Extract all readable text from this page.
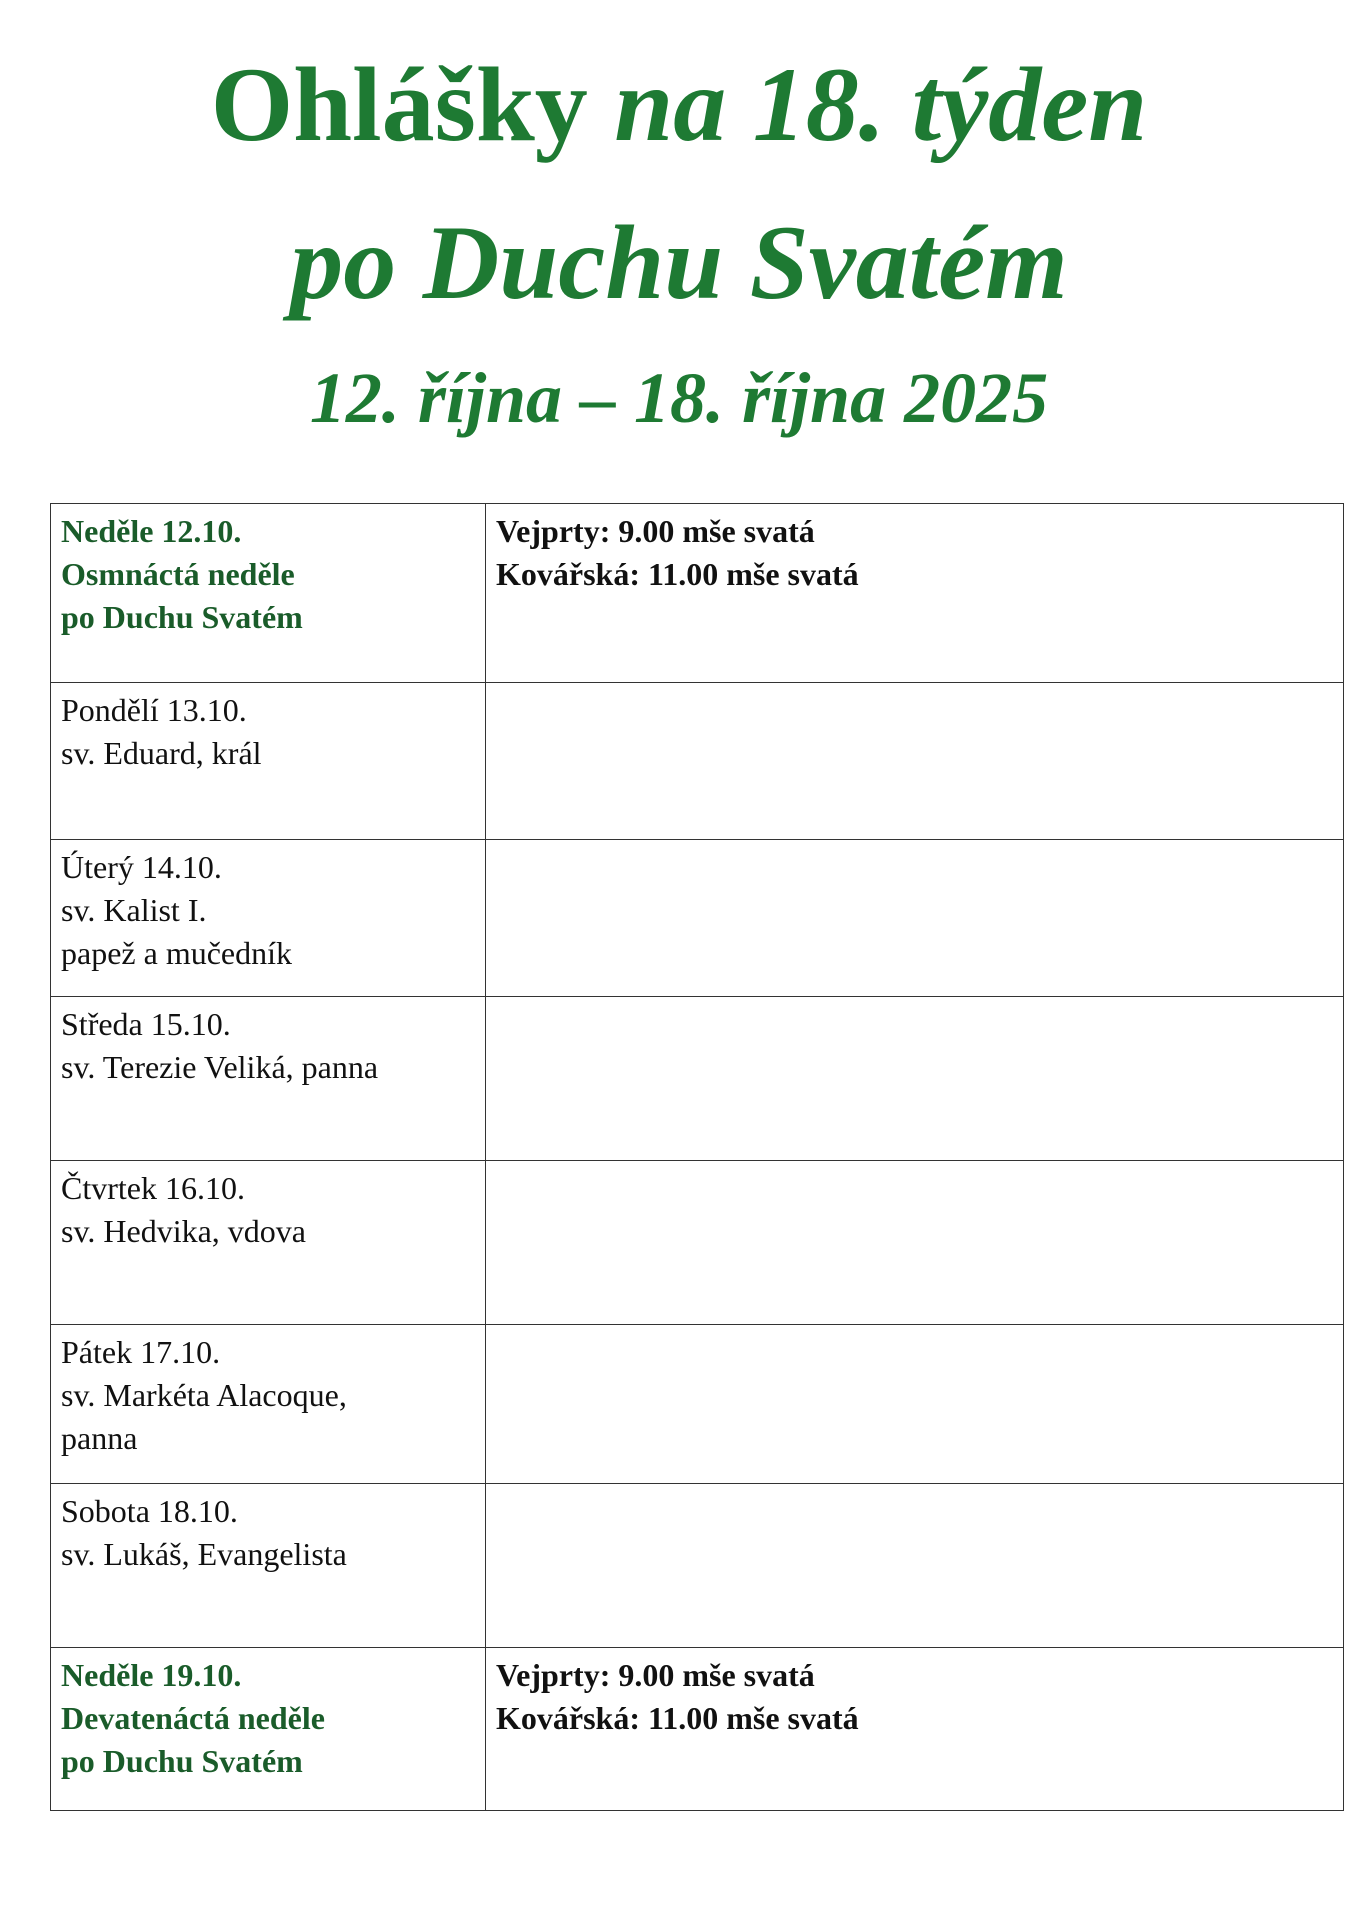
Ohlášky na 18. týden
po Duchu Svatém
12. října – 18. října 2025
Neděle 12.10.
Osmnáctá neděle
po Duchu Svatém	Vejprty: 9.00 mše svatá
Kovářská: 11.00 mše svatá

Pondělí 13.10.
sv. Eduard, král	

Úterý 14.10.
sv. Kalist I.
papež a mučedník	

Středa 15.10.
sv. Terezie Veliká, panna	

Čtvrtek 16.10.
sv. Hedvika, vdova	

Pátek 17.10.
sv. Markéta Alacoque,
panna	

Sobota 18.10.
sv. Lukáš, Evangelista	

Neděle 19.10.
Devatenáctá neděle
po Duchu Svatém	Vejprty: 9.00 mše svatá
Kovářská: 11.00 mše svatá
